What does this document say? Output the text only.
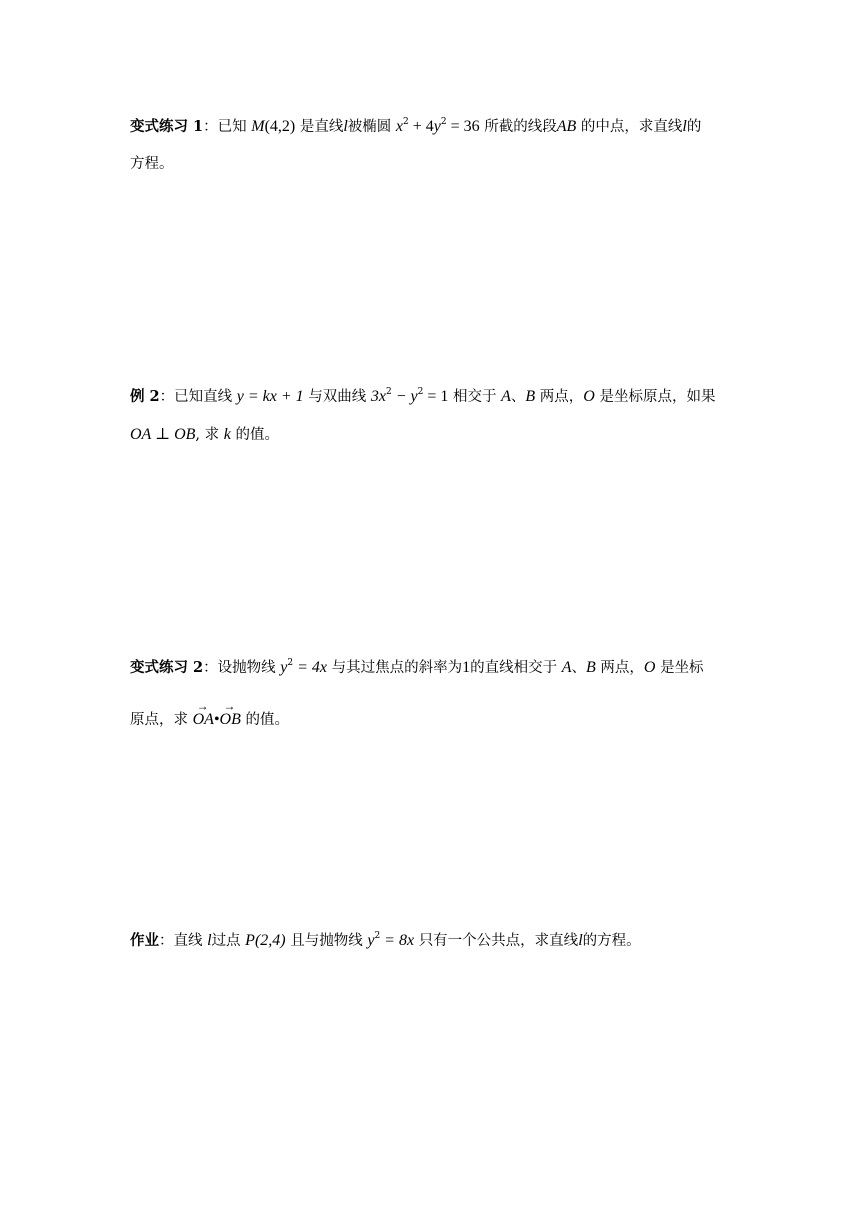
变式练习 1：已知 M(4,2) 是直线l被椭圆 $x^2 + 4y^2 = 36$ 所截的线段AB 的中点，求直线l的
方程。
例 2：已知直线 y = kx + 1 与双曲线 $3x^2 - y^2 = 1$ 相交于 A、B 两点，O 是坐标原点，如果
OA ⊥ OB, 求 k 的值。
变式练习 2：设抛物线 $y^2 = 4x$ 与其过焦点的斜率为1的直线相交于 A、B 两点，O 是坐标
原点，求
→
OA•
→
OB 的值。
作业：直线 l过点 P(2,4) 且与抛物线 $y^2 = 8x$ 只有一个公共点，求直线l的方程。
